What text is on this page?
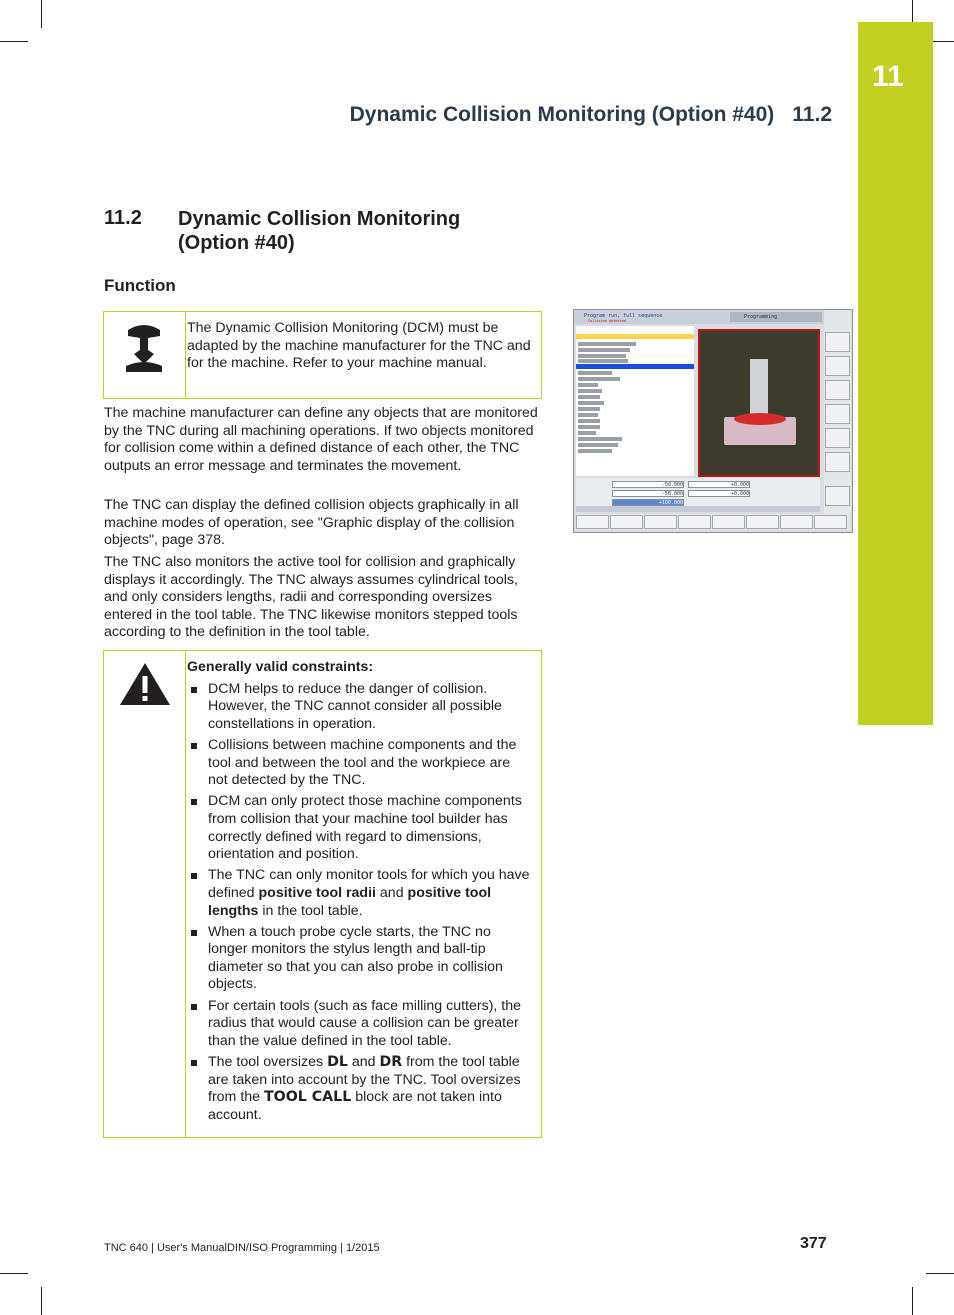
11
Dynamic Collision Monitoring (Option #40) 11.2
11.2 Dynamic Collision Monitoring (Option #40)
Function
The Dynamic Collision Monitoring (DCM) must be adapted by the machine manufacturer for the TNC and for the machine. Refer to your machine manual.

The machine manufacturer can define any objects that are monitored by the TNC during all machining operations. If two objects monitored for collision come within a defined distance of each other, the TNC outputs an error message and terminates the movement.

The TNC can display the defined collision objects graphically in all machine modes of operation, see "Graphic display of the collision objects", page 378.

The TNC also monitors the active tool for collision and graphically displays it accordingly. The TNC always assumes cylindrical tools, and only considers lengths, radii and corresponding oversizes entered in the tool table. The TNC likewise monitors stepped tools according to the definition in the tool table.

Generally valid constraints:
DCM helps to reduce the danger of collision. However, the TNC cannot consider all possible constellations in operation.
Collisions between machine components and the tool and between the tool and the workpiece are not detected by the TNC.
DCM can only protect those machine components from collision that your machine tool builder has correctly defined with regard to dimensions, orientation and position.
The TNC can only monitor tools for which you have defined positive tool radii and positive tool lengths in the tool table.
When a touch probe cycle starts, the TNC no longer monitors the stylus length and ball-tip diameter so that you can also probe in collision objects.
For certain tools (such as face milling cutters), the radius that would cause a collision can be greater than the value defined in the tool table.
The tool oversizes DL and DR from the tool table are taken into account by the TNC. Tool oversizes from the TOOL CALL block are not taken into account.
Program run, full sequence
Collision detected
Programming
-50.000
-50.000
+100.000
+0.000
+0.000
TNC 640 | User's ManualDIN/ISO Programming | 1/2015	377
